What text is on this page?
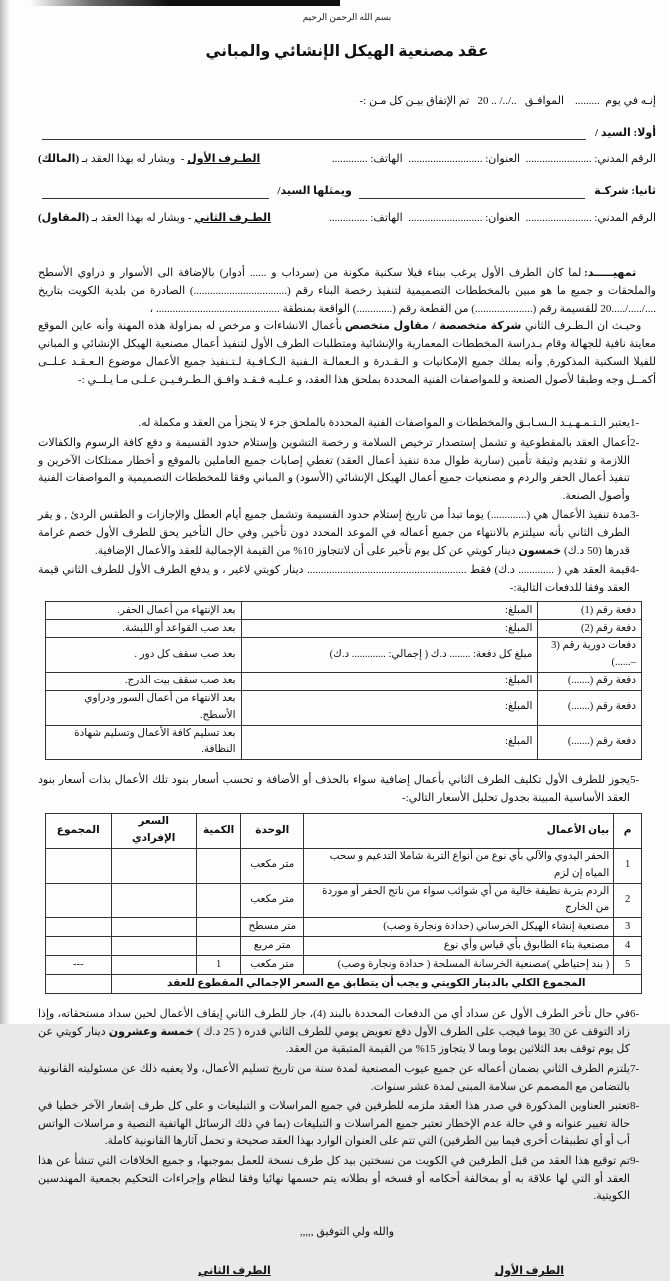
بسم الله الرحمن الرحيم
عقد مصنعية الهيكل الإنشائي والمباني
إنـه في يوم  .........    الموافـق   ../../ .. 20   تم الإتفاق بيـن كل مـن :-
أولا: السيد /
الرقم المدني: ........................  العنوان: ...........................  الهاتف: .............
الطـرف الأول -  ويشار له بهذا العقد بـ (المالك)
ثانيا: شركـة
ويمثلها السيد/
الرقم المدني: ........................  العنوان: ...........................  الهاتف: ..............
الطـرف الثاني - ويشار له بهذا العقد بـ (المقاول)

تمهيـــــد: لما كان الطرف الأول يرغب ببناء فيلا سكنية مكونة من (سرداب و ...... أدوار) بالإضافة الى الأسوار و دراوي الأسطح والملحقات و جميع ما هو مبين بالمخططات التصميمية لتنفيذ رخصة البناء رقم (..................................) الصادرة من بلدية الكويت بتاريخ ..../...../.....20 للقسيمة رقم (.....................) من القطعة رقم (.............) الواقعة بمنطقة ............................................. ،
وحيـث ان الـطـرف الثاني شركة متخصصة / مقاول متخصص بأعمال الانشاءات و مرخص له بمزاولة هذه المهنة وأنه عاين الموقع معاينة نافية للجهالة وقام بـدراسة المخططات المعمارية والإنشائية ومتطلبات الطرف الأول لتنفيذ أعمال مصنعية الهيكل الإنشائي و المباني للفيلا السكنية المذكورة, وأنه يملك جميع الإمكانيات و الـقـدرة و الـعمالـة الـفنية الـكـافـية لـتـنفيذ جميع الأعمال موضوع الـعـقـد عـلــى أكمــل وجه وطبقا لأصول الصنعة و للمواصفات الفنية المحددة بملحق هذا العقد، و عـليـه فـقـد وافـق الـطـرفـيـن عـلـى مـا يـلــي :-

1-
يعتبر الـتـمـهـيـد الـسـابـق والمخططات و المواصفات الفنية المحددة بالملحق جزء لا يتجزأ من العقد و مكملة له.
2-
أعمال العقد بالمقطوعية و تشمل إستصدار ترخيص السلامة و رخصة التشوين وإستلام حدود القسيمة و دفع كافة الرسوم والكفالات اللازمة و تقديم وثيقة تأمين (سارية طوال مدة تنفيذ أعمال العقد) تغطي إصابات جميع العاملين بالموقع و أخطار ممتلكات الآخرين و تنفيذ أعمال الحفر والردم و مصنعيات جميع أعمال الهيكل الإنشائي (الأسود) و المباني وفقا للمخططات التصميمية و المواصفات الفنية وأصول الصنعة.
3-
مدة تنفيذ الأعمال هي (.............) يوما تبدأ من تاريخ إستلام حدود القسيمة وتشمل جميع أيام العطل والإجازات و الطقس الردئ , و يقر الطرف الثاني بأنه سيلتزم بالانتهاء من جميع أعماله في الموعد المحدد دون تأخير, وفي حال التأخير يحق للطرف الأول خصم غرامة قدرها (50 د.ك) خمسون دينار كويتي عن كل يوم تأخير على أن لاتتجاوز 10% من القيمة الإجمالية للعقد والأعمال الإضافية.
4-
قيمة العقد هي ( ............. د.ك) فقط .......................................................... دينار كويتي لاغير ، و يدفع الطرف الأول للطرف الثاني قيمة العقد وفقا للدفعات التالية:-
دفعة رقم (1)	المبلغ:	بعد الإنتهاء من أعمال الحفر.
دفعة رقم (2)	المبلغ:	بعد صب القواعد أو اللبشة.
دفعات دورية رقم (3 –......)	مبلغ كل دفعة: ........ د.ك ( إجمالي: ............. د.ك)	بعد صب سقف كل دور .
دفعة رقم (.......)	المبلغ:	بعد صب سقف بيت الدرج.
دفعة رقم (.......)	المبلغ:	بعد الانتهاء من أعمال السور ودراوي الأسطح.
دفعة رقم (.......)	المبلغ:	بعد تسليم كافة الأعمال وتسليم شهادة النظافة.
5-
يجوز للطرف الأول تكليف الطرف الثاني بأعمال إضافية سواء بالحذف أو الأضافة و تحسب أسعار بنود تلك الأعمال بذات أسعار بنود العقد الأساسية المبينة بجدول تحليل الأسعار التالي:-
م	بيان الأعمال	الوحدة	الكمية	السعر الإفرادي	المجموع
1	الحفر اليدوي والآلي بأي نوع من أنواع التربة شاملا التدعيم و سحب المياه إن لزم	متر مكعب			
2	الردم بتربة نظيفة خالية من أي شوائب سواء من ناتج الحفر أو موردة من الخارج	متر مكعب			
3	مصنعية إنشاء الهيكل الخرساني (حدادة ونجارة وصب)	متر مسطح			
4	مصنعية بناء الطابوق بأي قياس وأي نوع	متر مربع			
5	( بند إحتياطي )مصنعية الخرسانة المسلحة ( حدادة ونجارة وصب)	متر مكعب	1		---
المجموع الكلي بالدينار الكويتي و يجب أن يتطابق مع السعر الإجمالي المقطوع للعقد					
6-
في حال تأخر الطرف الأول عن سداد أي من الدفعات المحددة بالبند (4)، جاز للطرف الثاني إيقاف الأعمال لحين سداد مستحقاته، وإذا زاد التوقف عن 30 يوما فيجب على الطرف الأول دفع تعويض يومي للطرف الثاني قدره ( 25 د.ك ) خمسة وعشرون دينار كويتي عن كل يوم توقف بعد الثلاثين يوما وبما لا يتجاوز 15% من القيمة المتبقية من العقد.
7-
يلتزم الطرف الثاني بضمان أعماله عن جميع عيوب المصنعية لمدة سنة من تاريخ تسليم الأعمال، ولا يعفيه ذلك عن مسئوليته القانونية بالتضامن مع المصمم عن سلامة المبنى لمدة عشر سنوات.
8-
تعتبر العناوين المذكورة في صدر هذا العقد ملزمه للطرفين في جميع المراسلات و التبليغات و على كل طرف إشعار الآخر خطيا في حالة تغيير عنوانه و في حالة عدم الإخطار تعتبر جميع المراسلات و التبليغات (بما في ذلك الرسائل الهاتفية النصية و مراسلات الواتس أب أو أي تطبيقات أخرى فيما بين الطرفين) التي تتم على العنوان الوارد بهذا العقد صحيحة و تحمل آثارها القانونية كاملة.
9-
تم توقيع هذا العقد من قبل الطرفين في الكويت من نسختين بيد كل طرف نسخة للعمل بموجبها، و جميع الخلافات التي تنشأ عن هذا العقد أو التي لها علاقة به أو بمخالفة أحكامه أو فسخه أو بطلانه يتم حسمها نهائيا وفقا لنظام وإجراءات التحكيم بجمعية المهندسين الكويتية.
والله ولي التوفيق ,,,,,
الطرف الأول
الطرف الثاني
